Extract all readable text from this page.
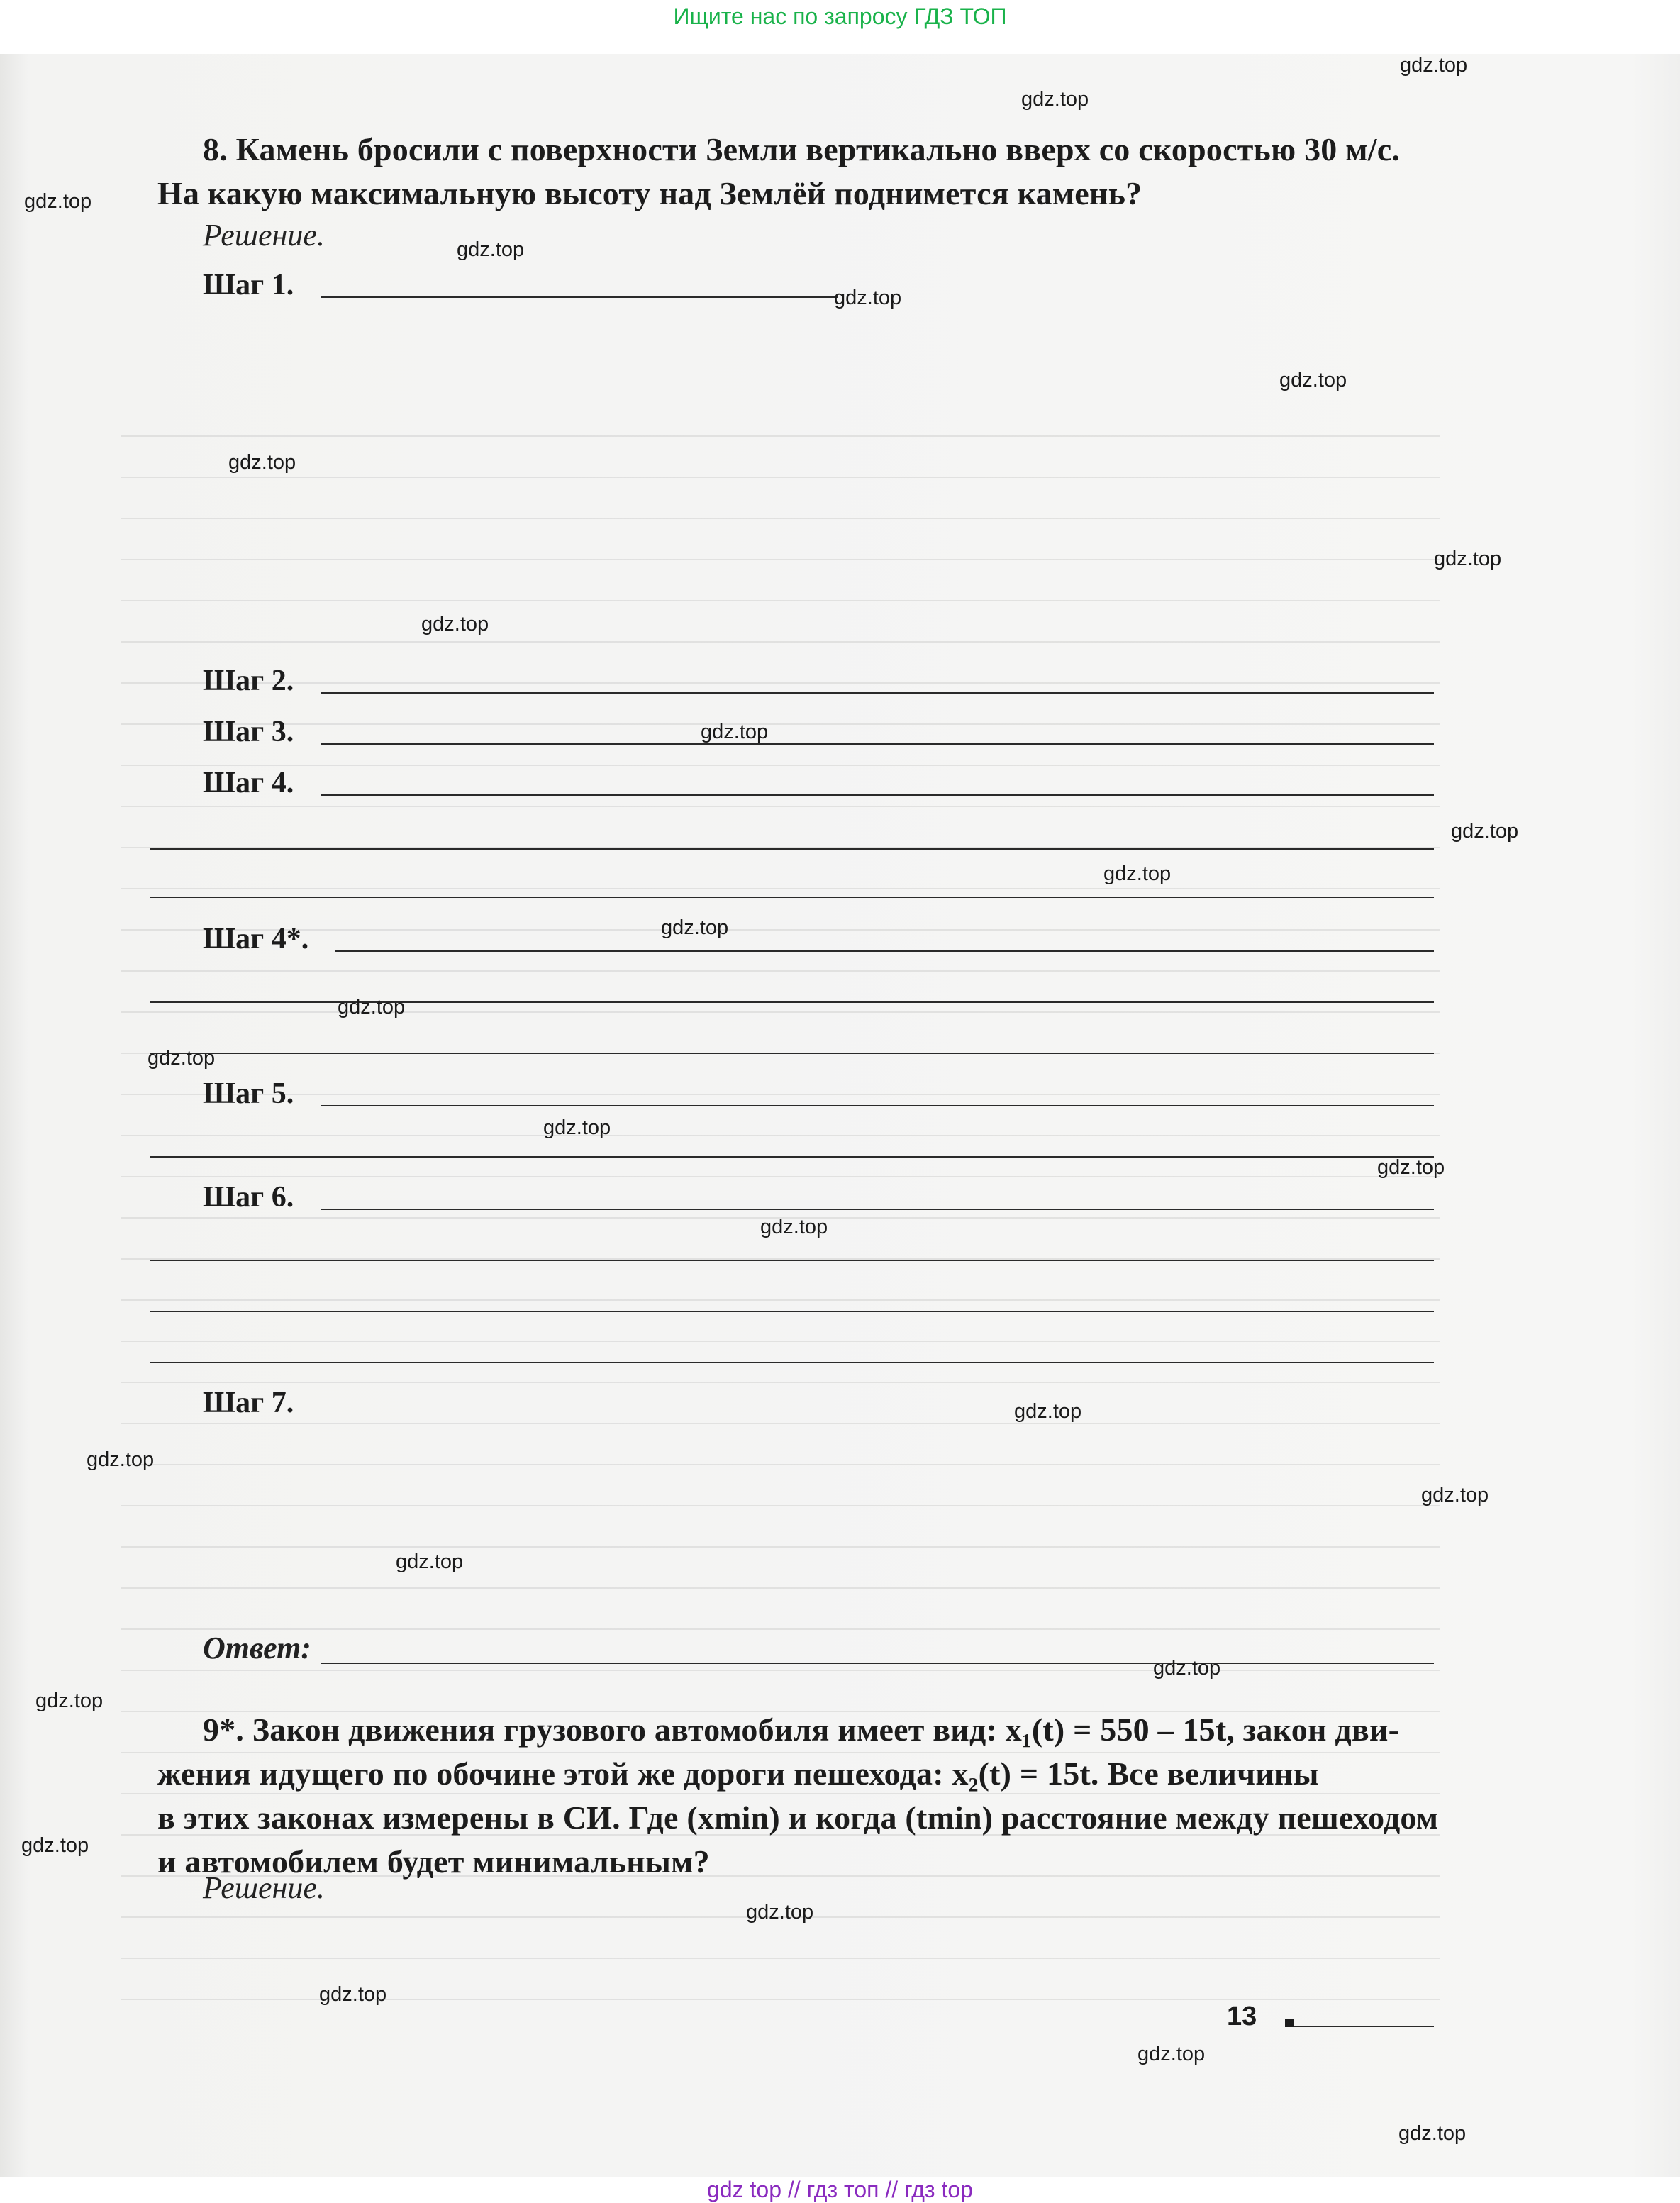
Ищите нас по запросу ГДЗ ТОП
8. Камень бросили с поверхности Земли вертикально вверх со скоростью 30 м/с.
На какую максимальную высоту над Землёй поднимется камень?
Решение.
Шаг 1.
Шаг 2.
Шаг 3.
Шаг 4.
Шаг 4*.
Шаг 5.
Шаг 6.
Шаг 7.
Ответ:
9*. Закон движения грузового автомобиля имеет вид: x₁(t) = 550 – 15t, закон дви-
жения идущего по обочине этой же дороги пешехода: x₂(t) = 15t. Все величины
в этих законах измерены в СИ. Где (xmin) и когда (tmin) расстояние между пешеходом
и автомобилем будет минимальным?
Решение.
13
gdz.top
gdz.top
gdz.top
gdz.top
gdz.top
gdz.top
gdz.top
gdz.top
gdz.top
gdz.top
gdz.top
gdz.top
gdz.top
gdz.top
gdz.top
gdz.top
gdz.top
gdz.top
gdz.top
gdz.top
gdz.top
gdz.top
gdz.top
gdz.top
gdz.top
gdz.top
gdz.top
gdz.top
gdz.top
gdz top // гдз топ // гдз top
